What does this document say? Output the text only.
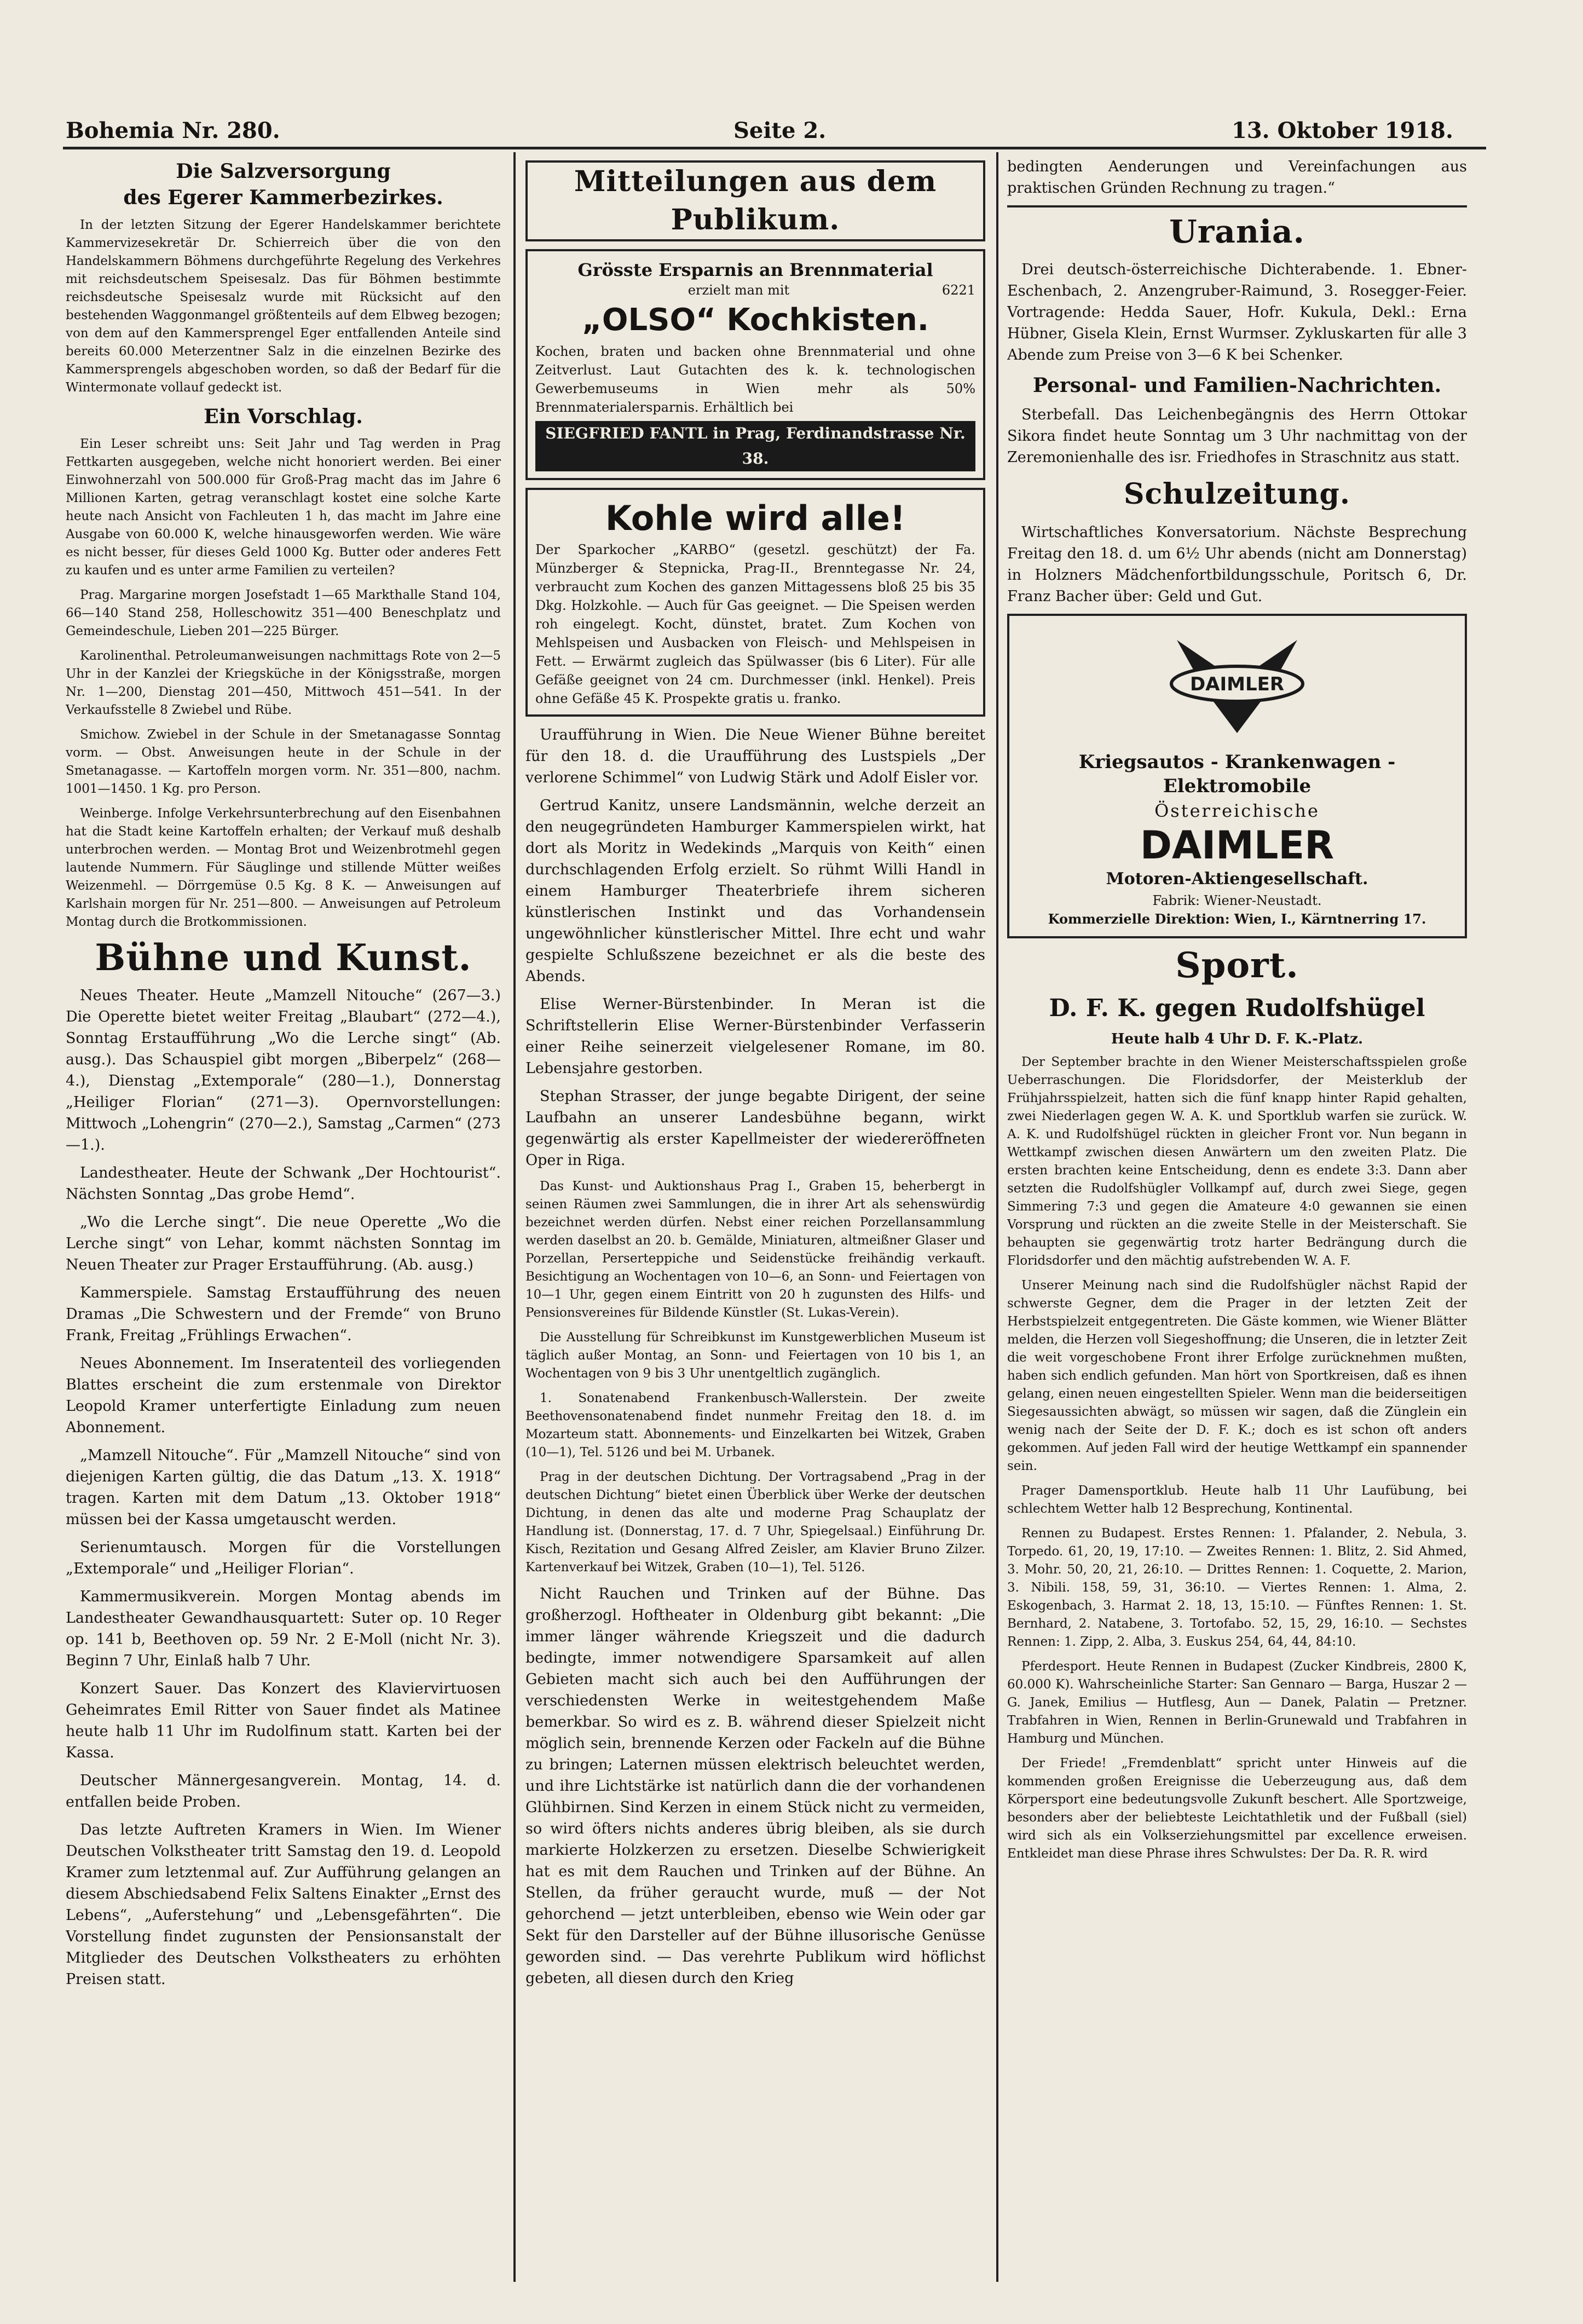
Bohemia Nr. 280.	Seite 2.	13. Oktober 1918.
Die Salzversorgung
des Egerer Kammerbezirkes.

In der letzten Sitzung der Egerer Handelskammer berichtete Kammervizesekretär Dr. Schierreich über die von den Handelskammern Böhmens durchgeführte Regelung des Verkehres mit reichsdeutschem Speisesalz. Das für Böhmen bestimmte reichsdeutsche Speisesalz wurde mit Rücksicht auf den bestehenden Waggonmangel größtenteils auf dem Elbweg bezogen; von dem auf den Kammersprengel Eger entfallenden Anteile sind bereits 60.000 Meterzentner Salz in die einzelnen Bezirke des Kammersprengels abgeschoben worden, so daß der Bedarf für die Wintermonate vollauf gedeckt ist.

Ein Vorschlag.

Ein Leser schreibt uns: Seit Jahr und Tag werden in Prag Fettkarten ausgegeben, welche nicht honoriert werden. Bei einer Einwohnerzahl von 500.000 für Groß-Prag macht das im Jahre 6 Millionen Karten, getrag veranschlagt kostet eine solche Karte heute nach Ansicht von Fachleuten 1 h, das macht im Jahre eine Ausgabe von 60.000 K, welche hinausgeworfen werden. Wie wäre es nicht besser, für dieses Geld 1000 Kg. Butter oder anderes Fett zu kaufen und es unter arme Familien zu verteilen?

Prag. Margarine morgen Josefstadt 1—65 Markthalle Stand 104, 66—140 Stand 258, Holleschowitz 351—400 Beneschplatz und Gemeindeschule, Lieben 201—225 Bürger.

Karolinenthal. Petroleumanweisungen nachmittags Rote von 2—5 Uhr in der Kanzlei der Kriegsküche in der Königsstraße, morgen Nr. 1—200, Dienstag 201—450, Mittwoch 451—541. In der Verkaufsstelle 8 Zwiebel und Rübe.

Smichow. Zwiebel in der Schule in der Smetanagasse Sonntag vorm. — Obst. Anweisungen heute in der Schule in der Smetanagasse. — Kartoffeln morgen vorm. Nr. 351—800, nachm. 1001—1450. 1 Kg. pro Person.

Weinberge. Infolge Verkehrsunterbrechung auf den Eisenbahnen hat die Stadt keine Kartoffeln erhalten; der Verkauf muß deshalb unterbrochen werden. — Montag Brot und Weizenbrotmehl gegen lautende Nummern. Für Säuglinge und stillende Mütter weißes Weizenmehl. — Dörrgemüse 0.5 Kg. 8 K. — Anweisungen auf Karlshain morgen für Nr. 251—800. — Anweisungen auf Petroleum Montag durch die Brotkommissionen.

Bühne und Kunst.

Neues Theater. Heute „Mamzell Nitouche“ (267—3.) Die Operette bietet weiter Freitag „Blaubart“ (272—4.), Sonntag Erstaufführung „Wo die Lerche singt“ (Ab. ausg.). Das Schauspiel gibt morgen „Biberpelz“ (268—4.), Dienstag „Extemporale“ (280—1.), Donnerstag „Heiliger Florian“ (271—3). Opernvorstellungen: Mittwoch „Lohengrin“ (270—2.), Samstag „Carmen“ (273—1.).

Landestheater. Heute der Schwank „Der Hochtourist“. Nächsten Sonntag „Das grobe Hemd“.

„Wo die Lerche singt“. Die neue Operette „Wo die Lerche singt“ von Lehar, kommt nächsten Sonntag im Neuen Theater zur Prager Erstaufführung. (Ab. ausg.)

Kammerspiele. Samstag Erstaufführung des neuen Dramas „Die Schwestern und der Fremde“ von Bruno Frank, Freitag „Frühlings Erwachen“.

Neues Abonnement. Im Inseratenteil des vorliegenden Blattes erscheint die zum erstenmale von Direktor Leopold Kramer unterfertigte Einladung zum neuen Abonnement.

„Mamzell Nitouche“. Für „Mamzell Nitouche“ sind von diejenigen Karten gültig, die das Datum „13. X. 1918“ tragen. Karten mit dem Datum „13. Oktober 1918“ müssen bei der Kassa umgetauscht werden.

Serienumtausch. Morgen für die Vorstellungen „Extemporale“ und „Heiliger Florian“.

Kammermusikverein. Morgen Montag abends im Landestheater Gewandhausquartett: Suter op. 10 Reger op. 141 b, Beethoven op. 59 Nr. 2 E-Moll (nicht Nr. 3). Beginn 7 Uhr, Einlaß halb 7 Uhr.

Konzert Sauer. Das Konzert des Klaviervirtuosen Geheimrates Emil Ritter von Sauer findet als Matinee heute halb 11 Uhr im Rudolfinum statt. Karten bei der Kassa.

Deutscher Männergesangverein. Montag, 14. d. entfallen beide Proben.

Das letzte Auftreten Kramers in Wien. Im Wiener Deutschen Volkstheater tritt Samstag den 19. d. Leopold Kramer zum letztenmal auf. Zur Aufführung gelangen an diesem Abschiedsabend Felix Saltens Einakter „Ernst des Lebens“, „Auferstehung“ und „Lebensgefährten“. Die Vorstellung findet zugunsten der Pensionsanstalt der Mitglieder des Deutschen Volkstheaters zu erhöhten Preisen statt.

Mitteilungen aus dem Publikum.
Grösste Ersparnis an Brennmaterial
erzielt man mit	6221
„OLSO“ Kochkisten.
Kochen, braten und backen ohne Brennmaterial und ohne Zeitverlust. Laut Gutachten des k. k. technologischen Gewerbemuseums in Wien mehr als 50% Brennmaterialersparnis. Erhältlich bei
SIEGFRIED FANTL in Prag, Ferdinandstrasse Nr. 38.
Kohle wird alle!
Der Sparkocher „KARBO“ (gesetzl. geschützt) der Fa. Münzberger & Stepnicka, Prag-II., Brenntegasse Nr. 24, verbraucht zum Kochen des ganzen Mittagessens bloß 25 bis 35 Dkg. Holzkohle. — Auch für Gas geeignet. — Die Speisen werden roh eingelegt. Kocht, dünstet, bratet. Zum Kochen von Mehlspeisen und Ausbacken von Fleisch- und Mehlspeisen in Fett. — Erwärmt zugleich das Spülwasser (bis 6 Liter). Für alle Gefäße geeignet von 24 cm. Durchmesser (inkl. Henkel). Preis ohne Gefäße 45 K. Prospekte gratis u. franko.

Uraufführung in Wien. Die Neue Wiener Bühne bereitet für den 18. d. die Uraufführung des Lustspiels „Der verlorene Schimmel“ von Ludwig Stärk und Adolf Eisler vor.

Gertrud Kanitz, unsere Landsmännin, welche derzeit an den neugegründeten Hamburger Kammerspielen wirkt, hat dort als Moritz in Wedekinds „Marquis von Keith“ einen durchschlagenden Erfolg erzielt. So rühmt Willi Handl in einem Hamburger Theaterbriefe ihrem sicheren künstlerischen Instinkt und das Vorhandensein ungewöhnlicher künstlerischer Mittel. Ihre echt und wahr gespielte Schlußszene bezeichnet er als die beste des Abends.

Elise Werner-Bürstenbinder. In Meran ist die Schriftstellerin Elise Werner-Bürstenbinder Verfasserin einer Reihe seinerzeit vielgelesener Romane, im 80. Lebensjahre gestorben.

Stephan Strasser, der junge begabte Dirigent, der seine Laufbahn an unserer Landesbühne begann, wirkt gegenwärtig als erster Kapellmeister der wiedereröffneten Oper in Riga.

Das Kunst- und Auktionshaus Prag I., Graben 15, beherbergt in seinen Räumen zwei Sammlungen, die in ihrer Art als sehenswürdig bezeichnet werden dürfen. Nebst einer reichen Porzellansammlung werden daselbst an 20. b. Gemälde, Miniaturen, altmeißner Glaser und Porzellan, Perserteppiche und Seidenstücke freihändig verkauft. Besichtigung an Wochentagen von 10—6, an Sonn- und Feiertagen von 10—1 Uhr, gegen einem Eintritt von 20 h zugunsten des Hilfs- und Pensionsvereines für Bildende Künstler (St. Lukas-Verein).

Die Ausstellung für Schreibkunst im Kunstgewerblichen Museum ist täglich außer Montag, an Sonn- und Feiertagen von 10 bis 1, an Wochentagen von 9 bis 3 Uhr unentgeltlich zugänglich.

1. Sonatenabend Frankenbusch-Wallerstein. Der zweite Beethovensonatenabend findet nunmehr Freitag den 18. d. im Mozarteum statt. Abonnements- und Einzelkarten bei Witzek, Graben (10—1), Tel. 5126 und bei M. Urbanek.

Prag in der deutschen Dichtung. Der Vortragsabend „Prag in der deutschen Dichtung“ bietet einen Überblick über Werke der deutschen Dichtung, in denen das alte und moderne Prag Schauplatz der Handlung ist. (Donnerstag, 17. d. 7 Uhr, Spiegelsaal.) Einführung Dr. Kisch, Rezitation und Gesang Alfred Zeisler, am Klavier Bruno Zilzer. Kartenverkauf bei Witzek, Graben (10—1), Tel. 5126.

Nicht Rauchen und Trinken auf der Bühne. Das großherzogl. Hoftheater in Oldenburg gibt bekannt: „Die immer länger währende Kriegszeit und die dadurch bedingte, immer notwendigere Sparsamkeit auf allen Gebieten macht sich auch bei den Aufführungen der verschiedensten Werke in weitestgehendem Maße bemerkbar. So wird es z. B. während dieser Spielzeit nicht möglich sein, brennende Kerzen oder Fackeln auf die Bühne zu bringen; Laternen müssen elektrisch beleuchtet werden, und ihre Lichtstärke ist natürlich dann die der vorhandenen Glühbirnen. Sind Kerzen in einem Stück nicht zu vermeiden, so wird öfters nichts anderes übrig bleiben, als sie durch markierte Holzkerzen zu ersetzen. Dieselbe Schwierigkeit hat es mit dem Rauchen und Trinken auf der Bühne. An Stellen, da früher geraucht wurde, muß — der Not gehorchend — jetzt unterbleiben, ebenso wie Wein oder gar Sekt für den Darsteller auf der Bühne illusorische Genüsse geworden sind. — Das verehrte Publikum wird höflichst gebeten, all diesen durch den Krieg

bedingten Aenderungen und Vereinfachungen aus praktischen Gründen Rechnung zu tragen.“

Urania.

Drei deutsch-österreichische Dichterabende. 1. Ebner-Eschenbach, 2. Anzengruber-Raimund, 3. Rosegger-Feier. Vortragende: Hedda Sauer, Hofr. Kukula, Dekl.: Erna Hübner, Gisela Klein, Ernst Wurmser. Zykluskarten für alle 3 Abende zum Preise von 3—6 K bei Schenker.

Personal- und Familien-Nachrichten.

Sterbefall. Das Leichenbegängnis des Herrn Ottokar Sikora findet heute Sonntag um 3 Uhr nachmittag von der Zeremonienhalle des isr. Friedhofes in Straschnitz aus statt.

Schulzeitung.

Wirtschaftliches Konversatorium. Nächste Besprechung Freitag den 18. d. um 6½ Uhr abends (nicht am Donnerstag) in Holzners Mädchenfortbildungsschule, Poritsch 6, Dr. Franz Bacher über: Geld und Gut.

DAIMLER
Kriegsautos - Krankenwagen - Elektromobile
Österreichische
DAIMLER
Motoren-Aktiengesellschaft.
Fabrik: Wiener-Neustadt.
Kommerzielle Direktion: Wien, I., Kärntnerring 17.
Sport.
D. F. K. gegen Rudolfshügel
Heute halb 4 Uhr D. F. K.-Platz.

Der September brachte in den Wiener Meisterschaftsspielen große Ueberraschungen. Die Floridsdorfer, der Meisterklub der Frühjahrsspielzeit, hatten sich die fünf knapp hinter Rapid gehalten, zwei Niederlagen gegen W. A. K. und Sportklub warfen sie zurück. W. A. K. und Rudolfshügel rückten in gleicher Front vor. Nun begann in Wettkampf zwischen diesen Anwärtern um den zweiten Platz. Die ersten brachten keine Entscheidung, denn es endete 3:3. Dann aber setzten die Rudolfshügler Vollkampf auf, durch zwei Siege, gegen Simmering 7:3 und gegen die Amateure 4:0 gewannen sie einen Vorsprung und rückten an die zweite Stelle in der Meisterschaft. Sie behaupten sie gegenwärtig trotz harter Bedrängung durch die Floridsdorfer und den mächtig aufstrebenden W. A. F.

Unserer Meinung nach sind die Rudolfshügler nächst Rapid der schwerste Gegner, dem die Prager in der letzten Zeit der Herbstspielzeit entgegentreten. Die Gäste kommen, wie Wiener Blätter melden, die Herzen voll Siegeshoffnung; die Unseren, die in letzter Zeit die weit vorgeschobene Front ihrer Erfolge zurücknehmen mußten, haben sich endlich gefunden. Man hört von Sportkreisen, daß es ihnen gelang, einen neuen eingestellten Spieler. Wenn man die beiderseitigen Siegesaussichten abwägt, so müssen wir sagen, daß die Zünglein ein wenig nach der Seite der D. F. K.; doch es ist schon oft anders gekommen. Auf jeden Fall wird der heutige Wettkampf ein spannender sein.

Prager Damensportklub. Heute halb 11 Uhr Laufübung, bei schlechtem Wetter halb 12 Besprechung, Kontinental.

Rennen zu Budapest. Erstes Rennen: 1. Pfalander, 2. Nebula, 3. Torpedo. 61, 20, 19, 17:10. — Zweites Rennen: 1. Blitz, 2. Sid Ahmed, 3. Mohr. 50, 20, 21, 26:10. — Drittes Rennen: 1. Coquette, 2. Marion, 3. Nibili. 158, 59, 31, 36:10. — Viertes Rennen: 1. Alma, 2. Eskogenbach, 3. Harmat 2. 18, 13, 15:10. — Fünftes Rennen: 1. St. Bernhard, 2. Natabene, 3. Tortofabo. 52, 15, 29, 16:10. — Sechstes Rennen: 1. Zipp, 2. Alba, 3. Euskus 254, 64, 44, 84:10.

Pferdesport. Heute Rennen in Budapest (Zucker Kindbreis, 2800 K, 60.000 K). Wahrscheinliche Starter: San Gennaro — Barga, Huszar 2 — G. Janek, Emilius — Hutflesg, Aun — Danek, Palatin — Pretzner. Trabfahren in Wien, Rennen in Berlin-Grunewald und Trabfahren in Hamburg und München.

Der Friede! „Fremdenblatt“ spricht unter Hinweis auf die kommenden großen Ereignisse die Ueberzeugung aus, daß dem Körpersport eine bedeutungsvolle Zukunft beschert. Alle Sportzweige, besonders aber der beliebteste Leichtathletik und der Fußball (siel) wird sich als ein Volkserziehungsmittel par excellence erweisen. Entkleidet man diese Phrase ihres Schwulstes: Der Da. R. R. wird
